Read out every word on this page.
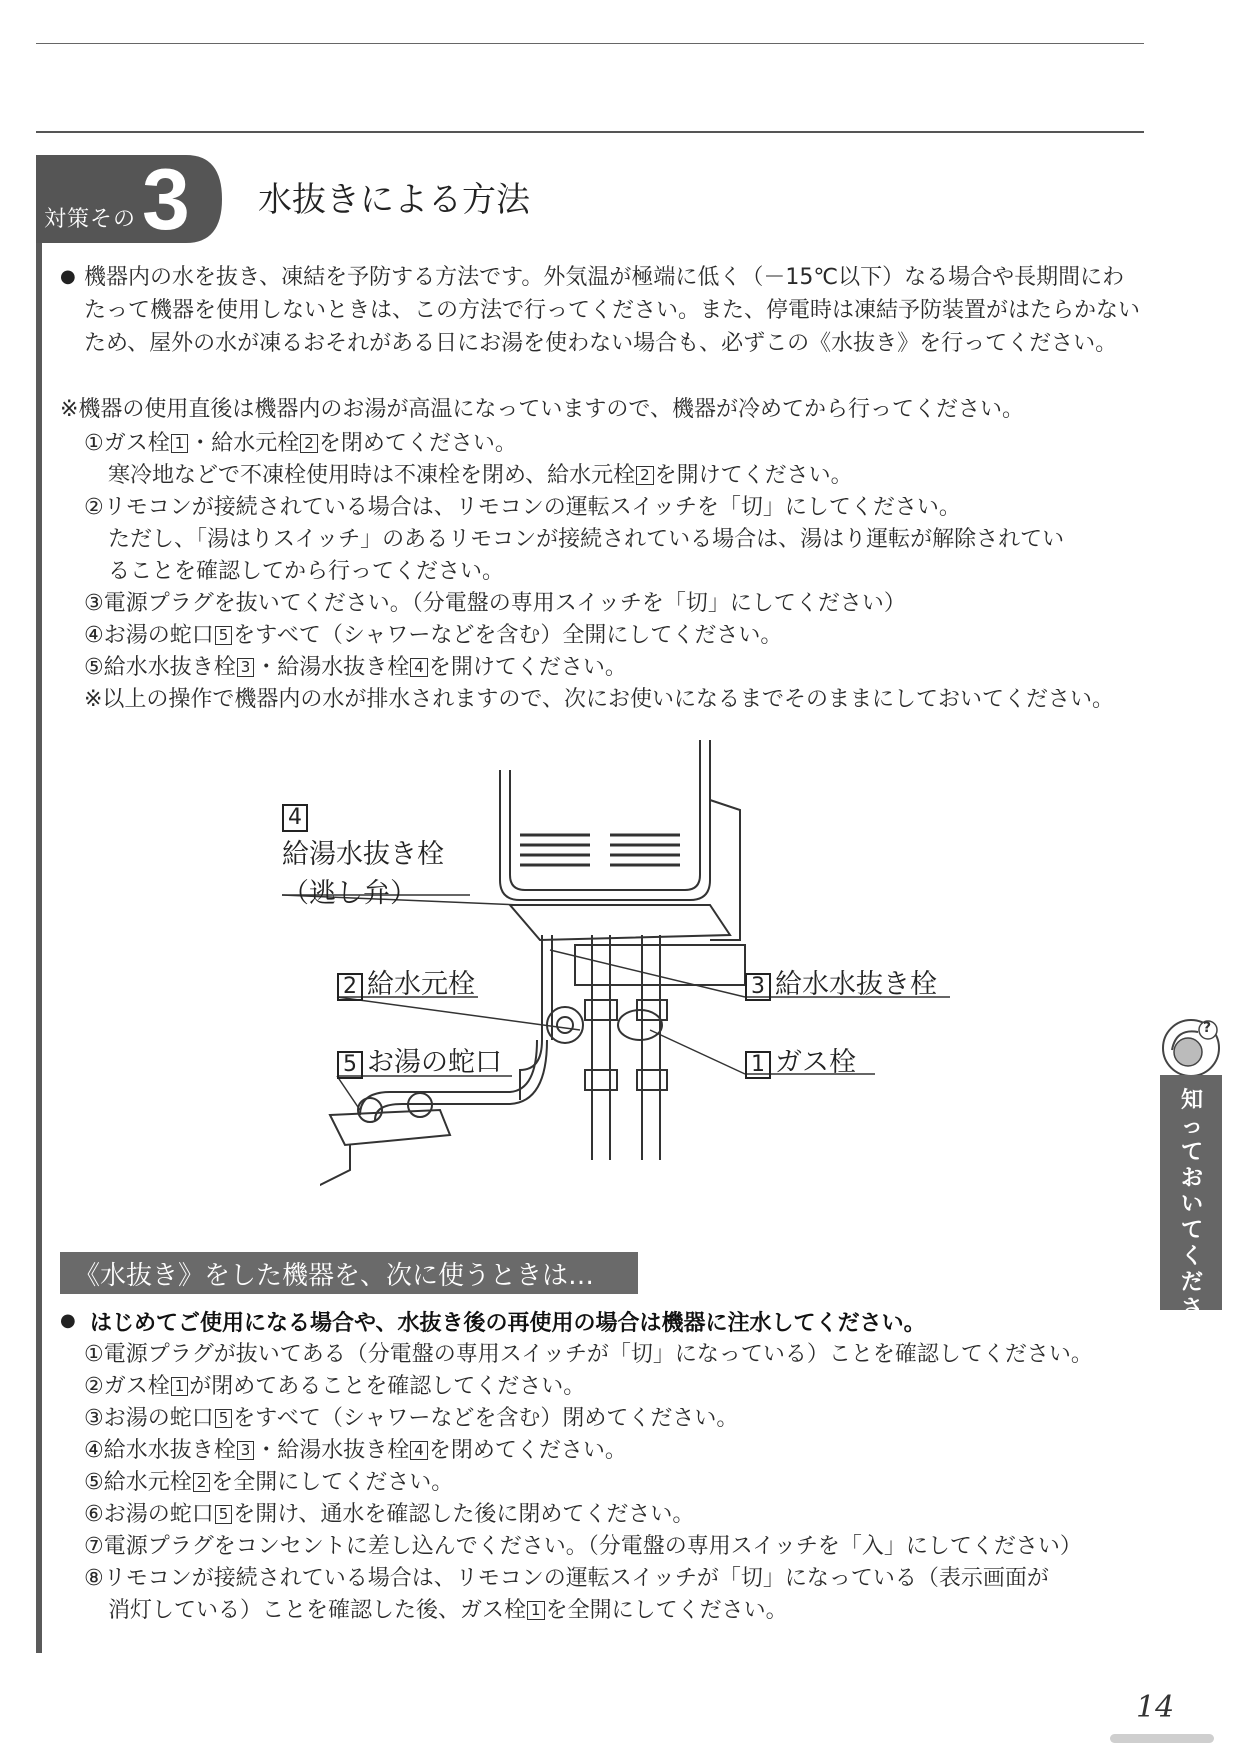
対策その 3 水抜きによる方法
● 機器内の水を抜き、凍結を予防する方法です。外気温が極端に低く（－15℃以下）なる場合や長期間にわたって機器を使用しないときは、この方法で行ってください。また、停電時は凍結予防装置がはたらかないため、屋外の水が凍るおそれがある日にお湯を使わない場合も、必ずこの《水抜き》を行ってください。
※機器の使用直後は機器内のお湯が高温になっていますので、機器が冷めてから行ってください。
①ガス栓 1 ・給水元栓 2 を閉めてください。
寒冷地などで不凍栓使用時は不凍栓を閉め、給水元栓 2 を開けてください。
②リモコンが接続されている場合は、リモコンの運転スイッチを「切」にしてください。
ただし、「湯はりスイッチ」のあるリモコンが接続されている場合は、湯はり運転が解除されてい
ることを確認してから行ってください。
③電源プラグを抜いてください。（分電盤の専用スイッチを「切」にしてください）
④お湯の蛇口 5 をすべて（シャワーなどを含む）全開にしてください。
⑤給水水抜き栓 3 ・給湯水抜き栓 4 を開けてください。
※以上の操作で機器内の水が排水されますので、次にお使いになるまでそのままにしておいてください。
4
給湯水抜き栓
（逃し弁）
2 給水元栓	3 給水水抜き栓
5 お湯の蛇口	1 ガス栓
《水抜き》をした機器を、次に使うときは…
● はじめてご使用になる場合や、水抜き後の再使用の場合は機器に注水してください。
①電源プラグが抜いてある（分電盤の専用スイッチが「切」になっている）ことを確認してください。
②ガス栓 1 が閉めてあることを確認してください。
③お湯の蛇口 5 をすべて（シャワーなどを含む）閉めてください。
④給水水抜き栓 3 ・給湯水抜き栓 4 を閉めてください。
⑤給水元栓 2 を全開にしてください。
⑥お湯の蛇口 5 を開け、通水を確認した後に閉めてください。
⑦電源プラグをコンセントに差し込んでください。（分電盤の専用スイッチを「入」にしてください）
⑧リモコンが接続されている場合は、リモコンの運転スイッチが「切」になっている（表示画面が
消灯している）ことを確認した後、ガス栓 1 を全開にしてください。
?
知っておいてください
14
